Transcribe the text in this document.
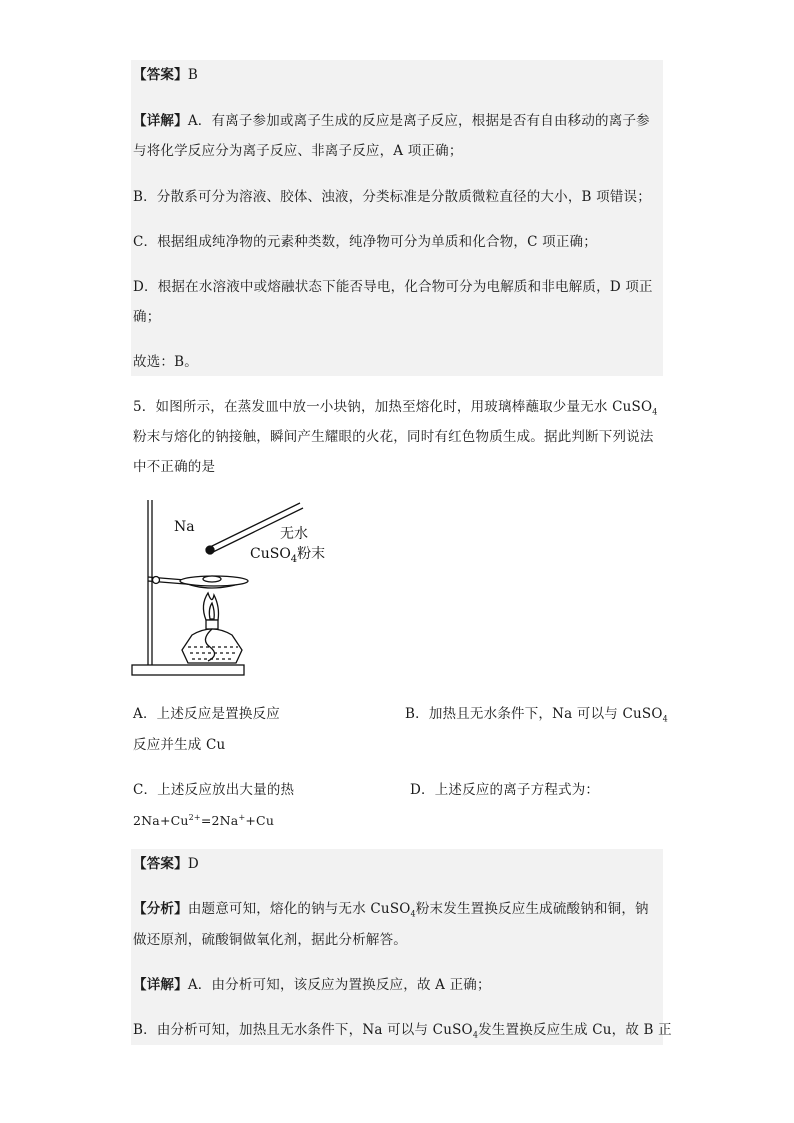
【答案】B
【详解】A．有离子参加或离子生成的反应是离子反应，根据是否有自由移动的离子参
与将化学反应分为离子反应、非离子反应，A 项正确；
B．分散系可分为溶液、胶体、浊液，分类标准是分散质微粒直径的大小，B 项错误；
C．根据组成纯净物的元素种类数，纯净物可分为单质和化合物，C 项正确；
D．根据在水溶液中或熔融状态下能否导电，化合物可分为电解质和非电解质，D 项正
确；
故选：B。
5．如图所示，在蒸发皿中放一小块钠，加热至熔化时，用玻璃棒蘸取少量无水 CuSO$_4$
粉末与熔化的钠接触，瞬间产生耀眼的火花，同时有红色物质生成。据此判断下列说法
中不正确的是
Na	无水
CuSO$_4$粉末
A．上述反应是置换反应	B．加热且无水条件下，Na 可以与 CuSO$_4$
反应并生成 Cu
C．上述反应放出大量的热	D．上述反应的离子方程式为：
$2Na+Cu^{2+}=2Na^++Cu$
【答案】D
【分析】由题意可知，熔化的钠与无水 CuSO$_4$粉末发生置换反应生成硫酸钠和铜，钠
做还原剂，硫酸铜做氧化剂，据此分析解答。
【详解】A．由分析可知，该反应为置换反应，故 A 正确；
B．由分析可知，加热且无水条件下，Na 可以与 CuSO$_4$发生置换反应生成 Cu，故 B 正
